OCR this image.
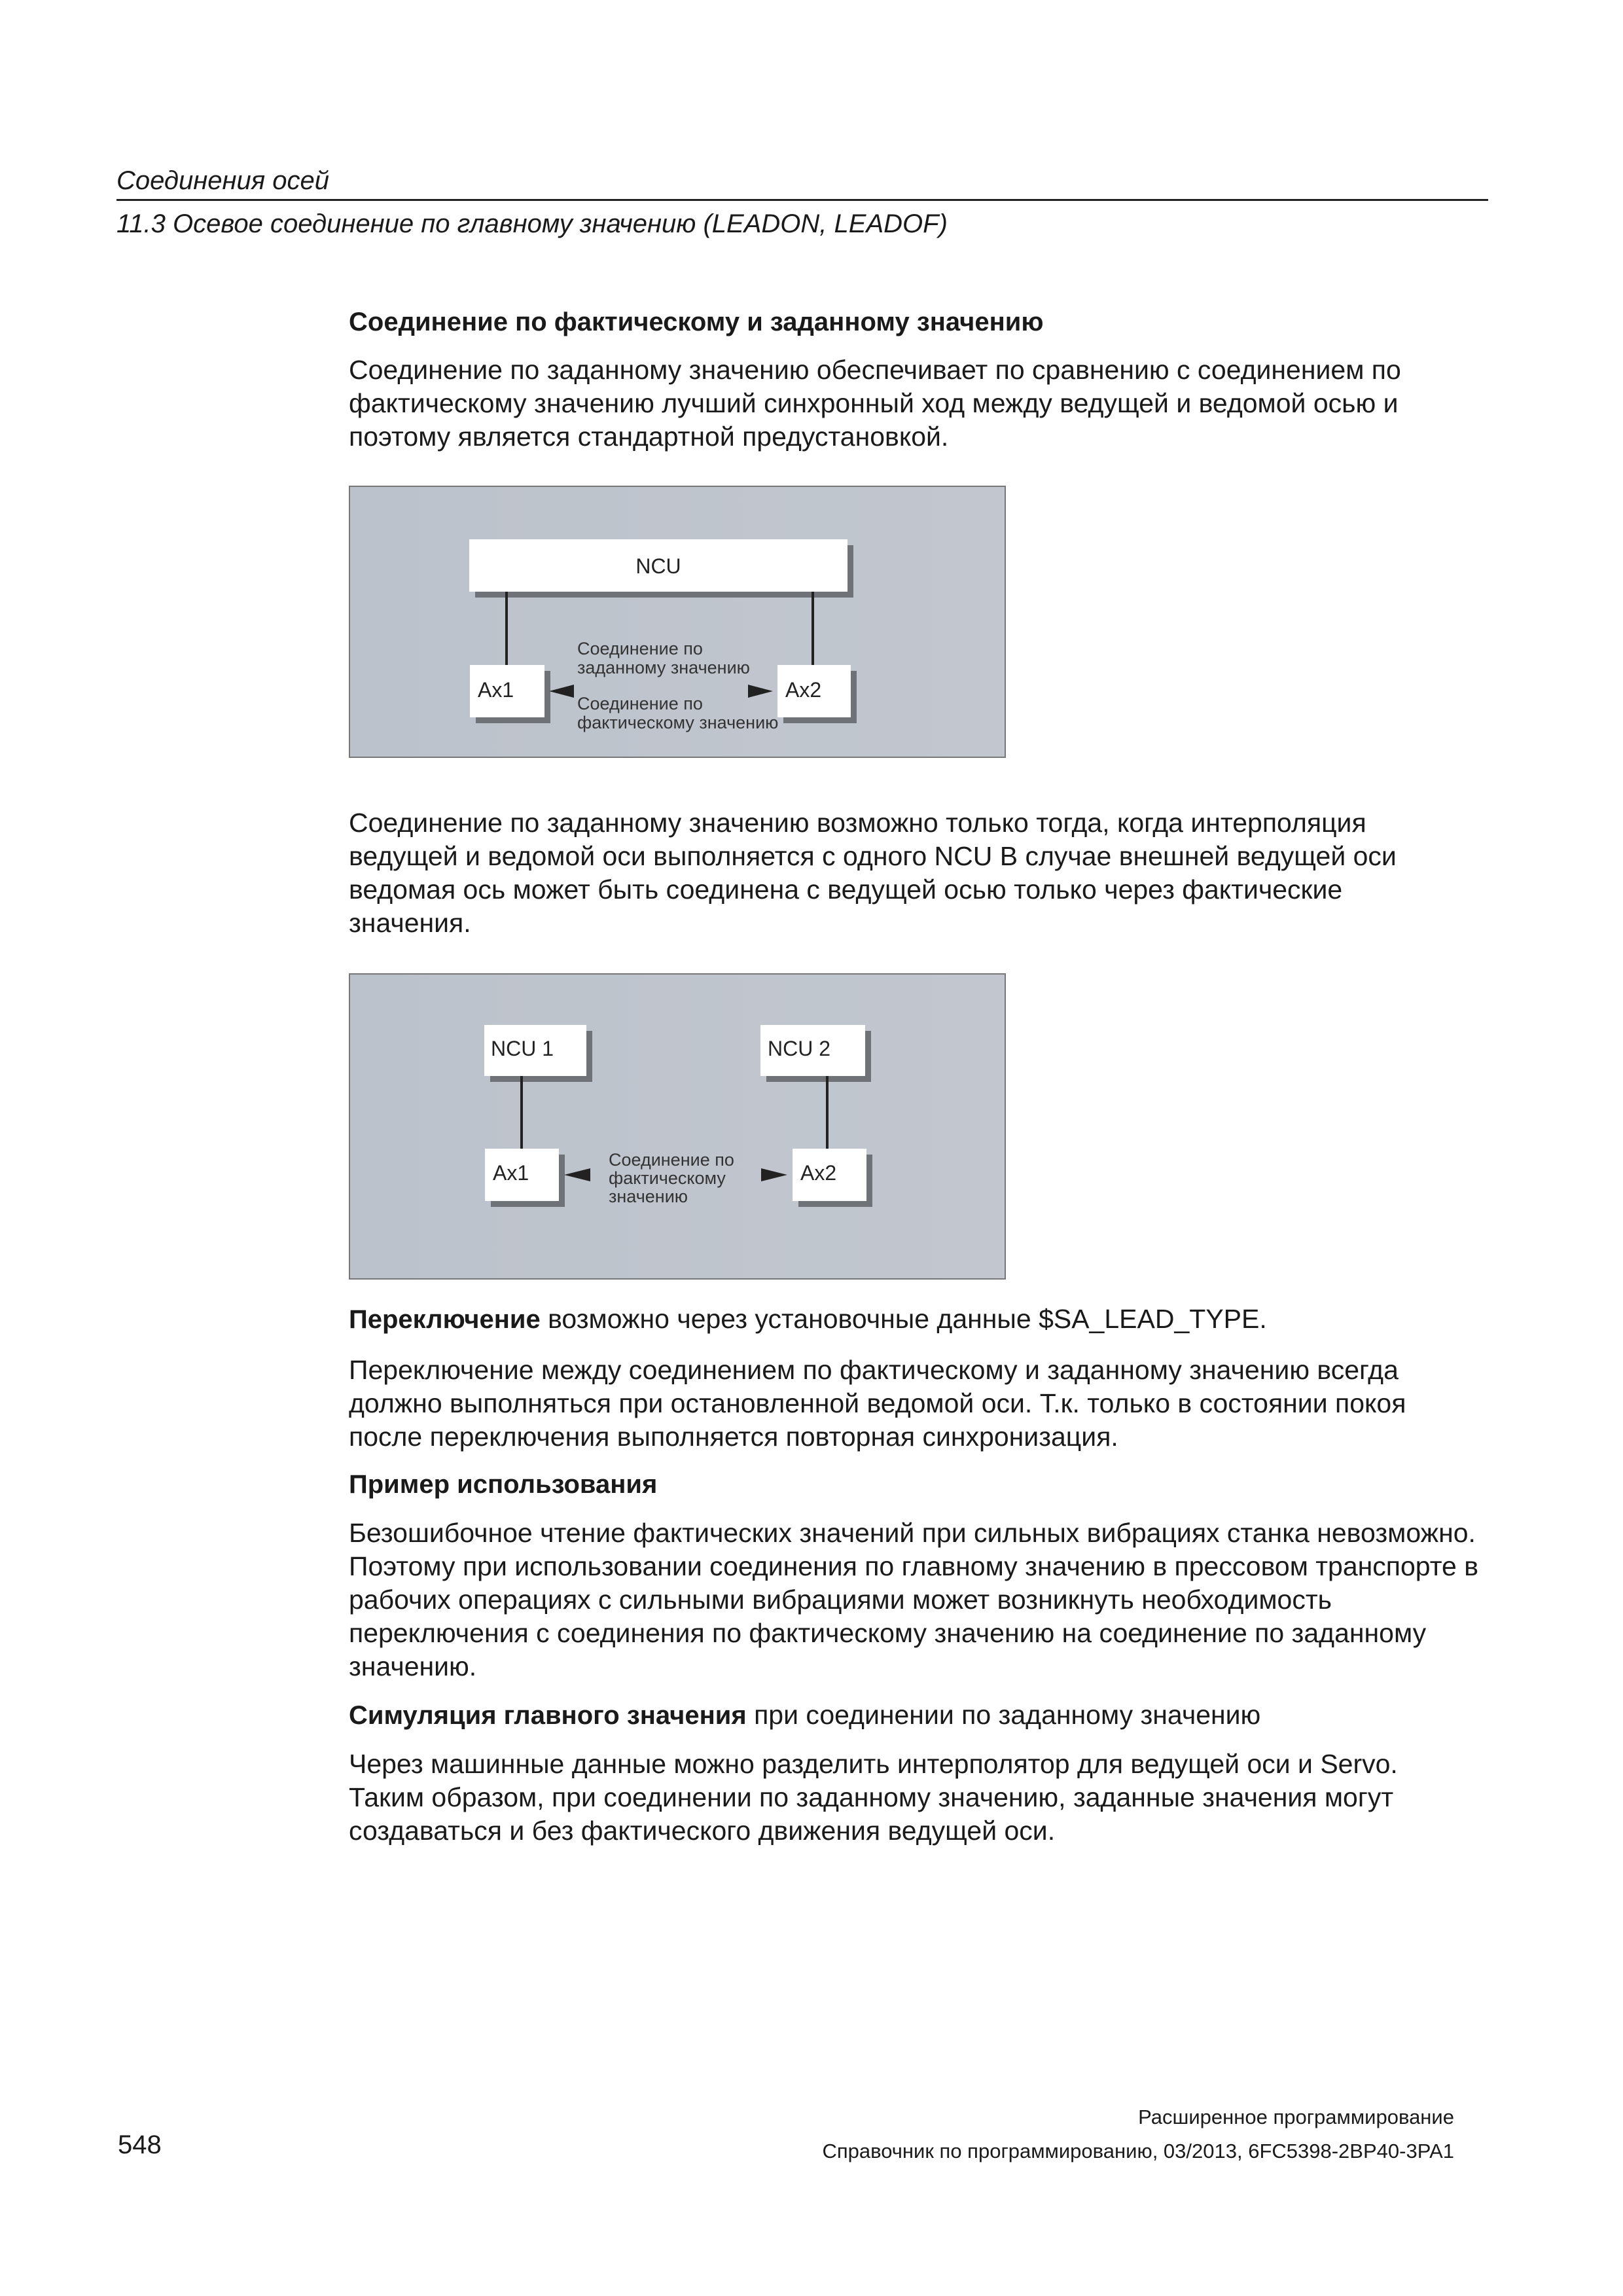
Соединения осей
11.3 Осевое соединение по главному значению (LEADON, LEADOF)
Соединение по фактическому и заданному значению
Соединение по заданному значению обеспечивает по сравнению с соединением по фактическому значению лучший синхронный ход между ведущей и ведомой осью и поэтому является стандартной предустановкой.
NCU
Ax1	Ax2
Соединение по
заданному значению
Соединение по
фактическому значению
Соединение по заданному значению возможно только тогда, когда интерполяция ведущей и ведомой оси выполняется с одного NCU В случае внешней ведущей оси ведомая ось может быть соединена с ведущей осью только через фактические значения.
NCU 1	NCU 2
Ax1	Ax2
Соединение по
фактическому
значению
Переключение возможно через установочные данные $SA_LEAD_TYPE.
Переключение между соединением по фактическому и заданному значению всегда должно выполняться при остановленной ведомой оси. Т.к. только в состоянии покоя после переключения выполняется повторная синхронизация.
Пример использования
Безошибочное чтение фактических значений при сильных вибрациях станка невозможно. Поэтому при использовании соединения по главному значению в прессовом транспорте в рабочих операциях с сильными вибрациями может возникнуть необходимость переключения с соединения по фактическому значению на соединение по заданному значению.
Симуляция главного значения при соединении по заданному значению
Через машинные данные можно разделить интерполятор для ведущей оси и Servo. Таким образом, при соединении по заданному значению, заданные значения могут создаваться и без фактического движения ведущей оси.
Расширенное программирование
548	Справочник по программированию, 03/2013, 6FC5398-2BP40-3PA1
